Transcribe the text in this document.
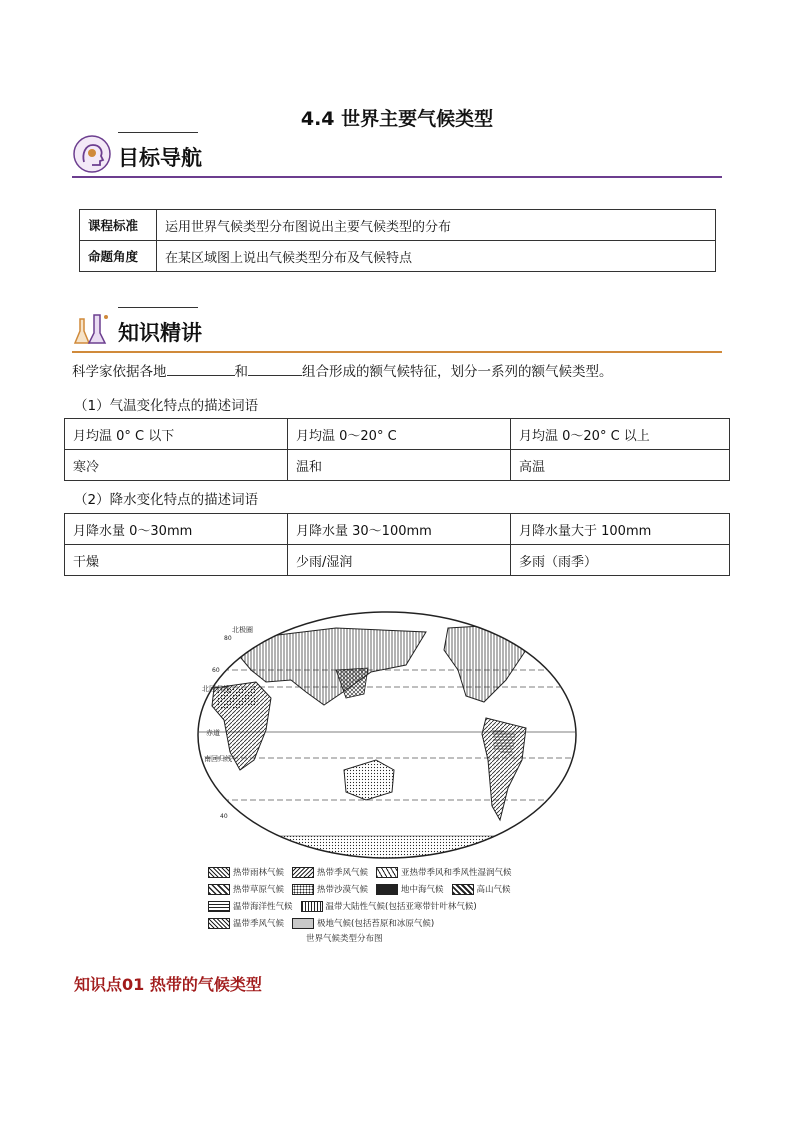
4.4 世界主要气候类型
目标导航
课程标准	运用世界气候类型分布图说出主要气候类型的分布
命题角度	在某区域图上说出气候类型分布及气候特点
知识精讲
科学家依据各地	和	组合形成的额气候特征，划分一系列的额气候类型。
（1）气温变化特点的描述词语
月均温 0° C 以下	月均温 0～20° C	月均温 0～20° C 以上
寒冷	温和	高温
（2）降水变化特点的描述词语
月降水量 0～30mm	月降水量 30～100mm	月降水量大于 100mm
干燥	少雨/湿润	多雨（雨季）
北极圈
北回归线
赤道
南回归线
80
60
40
热带雨林气候	热带季风气候	亚热带季风和季风性湿润气候
热带草原气候	热带沙漠气候	地中海气候	高山气候
温带海洋性气候	温带大陆性气候(包括亚寒带针叶林气候)
温带季风气候	极地气候(包括苔原和冰原气候)
世界气候类型分布图
知识点01 热带的气候类型
